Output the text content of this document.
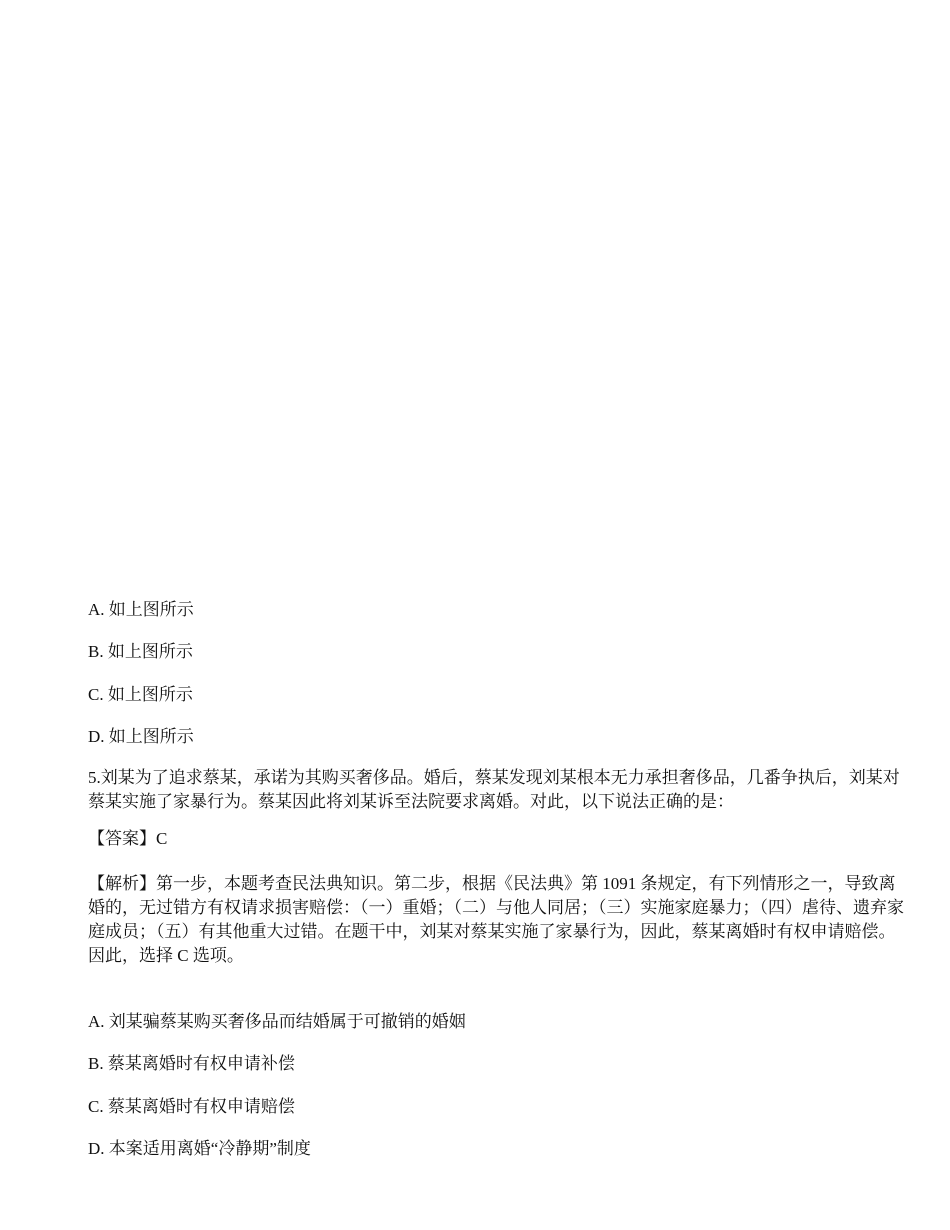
A. 如上图所示
B. 如上图所示
C. 如上图所示
D. 如上图所示
5.刘某为了追求蔡某，承诺为其购买奢侈品。婚后，蔡某发现刘某根本无力承担奢侈品，几番争执后，刘某对蔡某实施了家暴行为。蔡某因此将刘某诉至法院要求离婚。对此，以下说法正确的是：
【答案】C
【解析】第一步，本题考查民法典知识。第二步，根据《民法典》第 1091 条规定，有下列情形之一，导致离婚的，无过错方有权请求损害赔偿：（一）重婚；（二）与他人同居；（三）实施家庭暴力；（四）虐待、遗弃家庭成员；（五）有其他重大过错。在题干中，刘某对蔡某实施了家暴行为，因此，蔡某离婚时有权申请赔偿。因此，选择 C 选项。
A. 刘某骗蔡某购买奢侈品而结婚属于可撤销的婚姻
B. 蔡某离婚时有权申请补偿
C. 蔡某离婚时有权申请赔偿
D. 本案适用离婚“冷静期”制度
